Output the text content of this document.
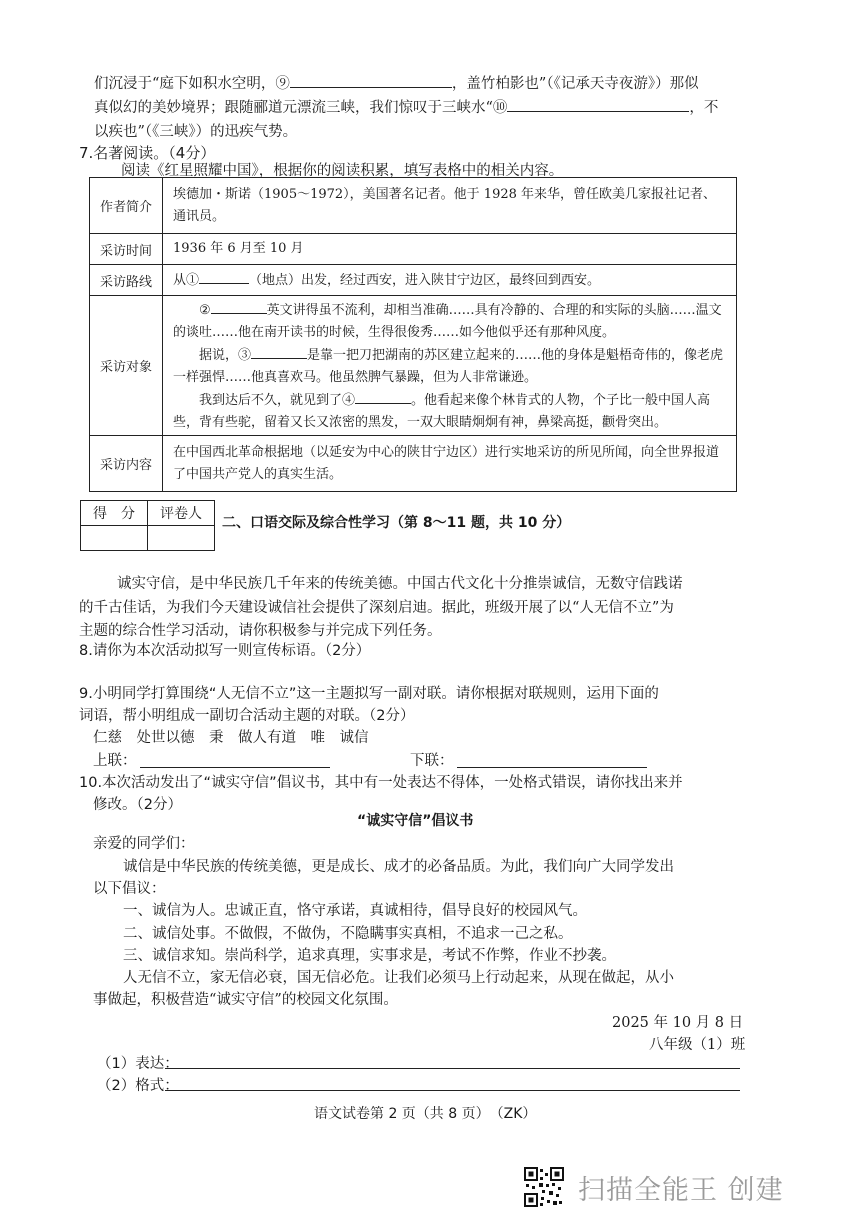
们沉浸于“庭下如积水空明，⑨	，盖竹柏影也”（《记承天寺夜游》）那似
真似幻的美妙境界；跟随郦道元漂流三峡，我们惊叹于三峡水“⑩	，不
以疾也”（《三峡》）的迅疾气势。
7.名著阅读。（4分）
阅读《红星照耀中国》，根据你的阅读积累，填写表格中的相关内容。
作者简介	埃德加・斯诺（1905～1972），美国著名记者。他于 1928 年来华，曾任欧美几家报社记者、通讯员。
采访时间	1936 年 6 月至 10 月
采访路线	从① （地点）出发，经过西安，进入陕甘宁边区，最终回到西安。
采访对象	② 英文讲得虽不流利，却相当准确……具有冷静的、合理的和实际的头脑……温文的谈吐……他在南开读书的时候，生得很俊秀……如今他似乎还有那种风度。
据说，③ 是靠一把刀把湖南的苏区建立起来的……他的身体是魁梧奇伟的，像老虎一样强悍……他真喜欢马。他虽然脾气暴躁，但为人非常谦逊。
我到达后不久，就见到了④ 。他看起来像个林肯式的人物，个子比一般中国人高些，背有些驼，留着又长又浓密的黑发，一双大眼睛炯炯有神，鼻梁高挺，颧骨突出。

采访内容	在中国西北革命根据地（以延安为中心的陕甘宁边区）进行实地采访的所见所闻，向全世界报道了中国共产党人的真实生活。
得　分	评卷人

二、口语交际及综合性学习（第 8～11 题，共 10 分）
诚实守信，是中华民族几千年来的传统美德。中国古代文化十分推崇诚信，无数守信践诺
的千古佳话，为我们今天建设诚信社会提供了深刻启迪。据此，班级开展了以“人无信不立”为
主题的综合性学习活动，请你积极参与并完成下列任务。
8.请你为本次活动拟写一则宣传标语。（2分）
9.小明同学打算围绕“人无信不立”这一主题拟写一副对联。请你根据对联规则，运用下面的
词语，帮小明组成一副切合活动主题的对联。（2分）
仁慈　处世以德　秉　做人有道　唯　诚信
上联：	下联：
10.本次活动发出了“诚实守信”倡议书，其中有一处表达不得体，一处格式错误，请你找出来并
修改。（2分）
“诚实守信”倡议书
亲爱的同学们：
诚信是中华民族的传统美德，更是成长、成才的必备品质。为此，我们向广大同学发出
以下倡议：
一、诚信为人。忠诚正直，恪守承诺，真诚相待，倡导良好的校园风气。
二、诚信处事。不做假，不做伪，不隐瞒事实真相，不追求一己之私。
三、诚信求知。崇尚科学，追求真理，实事求是，考试不作弊，作业不抄袭。
人无信不立，家无信必衰，国无信必危。让我们必须马上行动起来，从现在做起，从小
事做起，积极营造“诚实守信”的校园文化氛围。
2025 年 10 月 8 日
八年级（1）班
（1）表达：
（2）格式：
语文试卷第 2 页（共 8 页）　（ZK）
扫描全能王 创建
